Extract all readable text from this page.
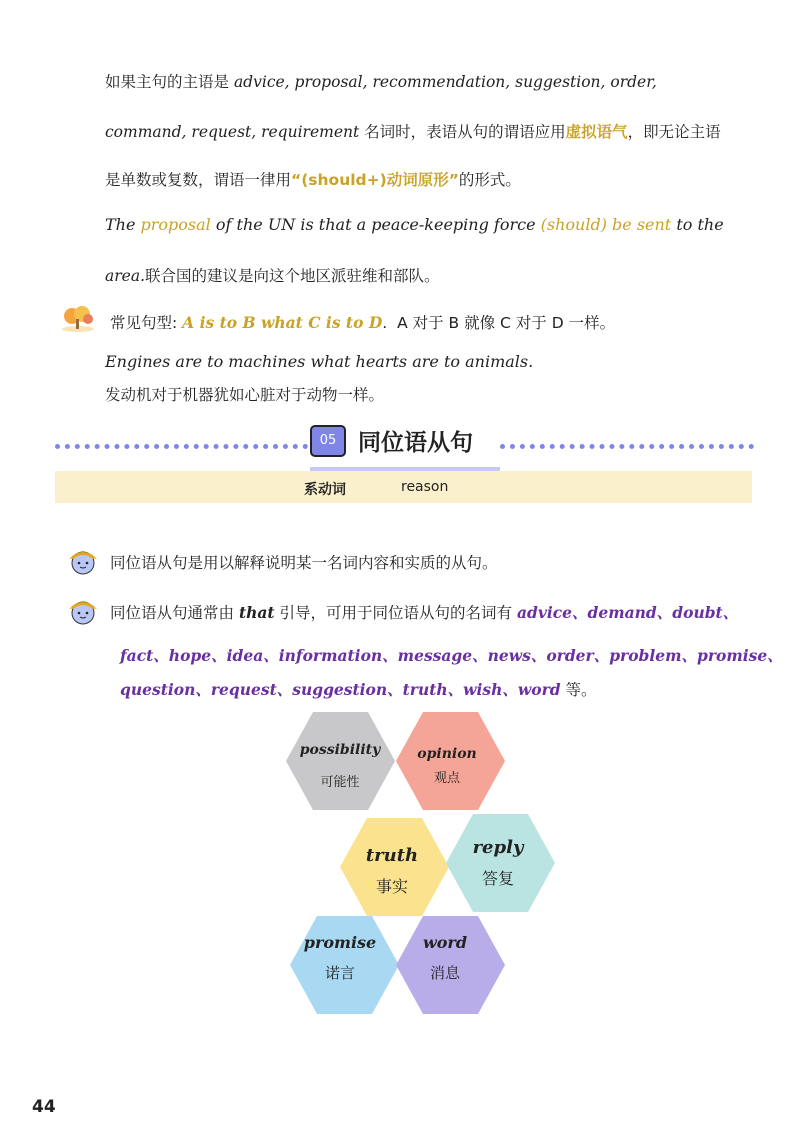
如果主句的主语是 advice, proposal, recommendation, suggestion, order,
command, request, requirement 名词时，表语从句的谓语应用虚拟语气，即无论主语
是单数或复数，谓语一律用“(should+)动词原形”的形式。
The proposal of the UN is that a peace-keeping force (should) be sent to the
area.联合国的建议是向这个地区派驻维和部队。
常见句型: A is to B what C is to D. A 对于 B 就像 C 对于 D 一样。
Engines are to machines what hearts are to animals.
发动机对于机器犹如心脏对于动物一样。
05 同位语从句
系动词	reason
同位语从句是用以解释说明某一名词内容和实质的从句。
同位语从句通常由 that 引导，可用于同位语从句的名词有 advice、demand、doubt、
fact、hope、idea、information、message、news、order、problem、promise、
question、request、suggestion、truth、wish、word 等。
possibility
可能性
opinion
观点
truth
事实
reply
答复
promise
诺言
word
消息
44
